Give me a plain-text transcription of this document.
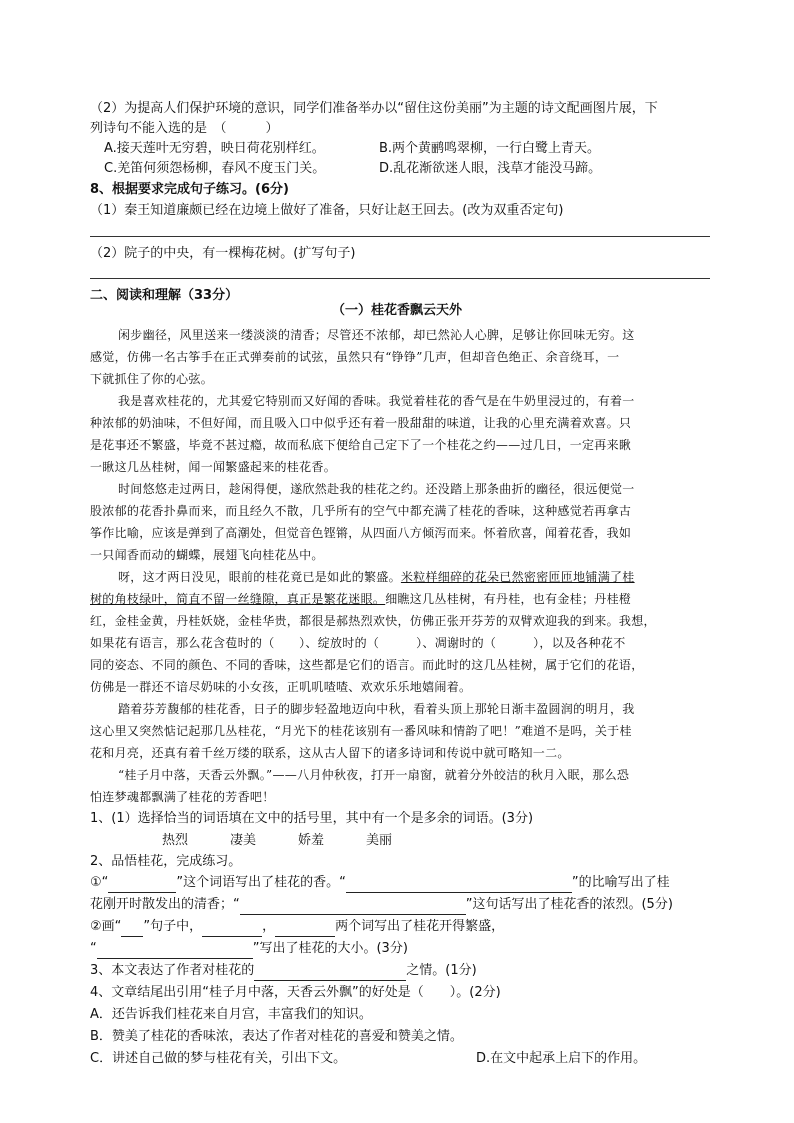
（2）为提高人们保护环境的意识，同学们准备举办以“留住这份美丽”为主题的诗文配画图片展，下
列诗句不能入选的是　（　　　）
A.接天莲叶无穷碧，映日荷花别样红。	B.两个黄鹂鸣翠柳，一行白鹭上青天。
C.羌笛何须怨杨柳，春风不度玉门关。	D.乱花渐欲迷人眼，浅草才能没马蹄。
8、根据要求完成句子练习。(6分)
（1）秦王知道廉颇已经在边境上做好了准备，只好让赵王回去。(改为双重否定句)
（2）院子的中央，有一棵梅花树。(扩写句子)
二、阅读和理解（33分）
（一）桂花香飘云天外
闲步幽径，风里送来一缕淡淡的清香；尽管还不浓郁，却已然沁人心脾，足够让你回味无穷。这
感觉，仿佛一名古筝手在正式弹奏前的试弦，虽然只有“铮铮”几声，但却音色绝正、余音绕耳，一
下就抓住了你的心弦。
我是喜欢桂花的，尤其爱它特别而又好闻的香味。我觉着桂花的香气是在牛奶里浸过的，有着一
种浓郁的奶油味，不但好闻，而且吸入口中似乎还有着一股甜甜的味道，让我的心里充满着欢喜。只
是花事还不繁盛，毕竟不甚过瘾，故而私底下便给自己定下了一个桂花之约——过几日，一定再来瞅
一瞅这几丛桂树，闻一闻繁盛起来的桂花香。
时间悠悠走过两日，趁闲得便，遂欣然赴我的桂花之约。还没踏上那条曲折的幽径，很远便觉一
股浓郁的花香扑鼻而来，而且经久不散，几乎所有的空气中都充满了桂花的香味，这种感觉若再拿古
筝作比喻，应该是弹到了高潮处，但觉音色铿锵，从四面八方倾泻而来。怀着欣喜，闻着花香，我如
一只闻香而动的蝴蝶，展翅飞向桂花丛中。
呀，这才两日没见，眼前的桂花竟已是如此的繁盛。米粒样细碎的花朵已然密密匝匝地铺满了桂
树的角枝绿叶，简直不留一丝缝隙，真正是繁花迷眼。细瞧这几丛桂树，有丹桂，也有金桂；丹桂橙
红，金桂金黄，丹桂妖娆，金桂华贵，都很是郝热烈欢快，仿佛正张开芬芳的双臂欢迎我的到来。我想，
如果花有语言，那么花含苞时的（　　）、绽放时的（　　　）、凋谢时的（　　　），以及各种花不
同的姿态、不同的颜色、不同的香味，这些都是它们的语言。而此时的这几丛桂树，属于它们的花语，
仿佛是一群还不谙尽奶味的小女孩，正叽叽喳喳、欢欢乐乐地嬉闹着。
踏着芬芳馥郁的桂花香，日子的脚步轻盈地迈向中秋，看着头顶上那轮日渐丰盈圆润的明月，我
这心里又突然惦记起那几丛桂花，“月光下的桂花该别有一番风味和情韵了吧！”难道不是吗，关于桂
花和月亮，还真有着千丝万缕的联系，这从古人留下的诸多诗词和传说中就可略知一二。
“桂子月中落，天香云外飘。”——八月仲秋夜，打开一扇窗，就着分外皎洁的秋月入眠，那么恐
怕连梦魂都飘满了桂花的芳香吧！
1、(1）选择恰当的词语填在文中的括号里，其中有一个是多余的词语。(3分)
热烈	凄美	娇羞	美丽
2、品悟桂花，完成练习。
①“	”这个词语写出了桂花的香。“	”的比喻写出了桂
花刚开时散发出的清香；“	”这句话写出了桂花香的浓烈。(5分)
②画“ ”句子中，	，	两个词写出了桂花开得繁盛，
“	”写出了桂花的大小。(3分)
3、本文表达了作者对桂花的	之情。(1分)
4、文章结尾出引用“桂子月中落，天香云外飘”的好处是（　　）。(2分)
A．还告诉我们桂花来自月宫，丰富我们的知识。
B．赞美了桂花的香味浓，表达了作者对桂花的喜爱和赞美之情。
C．讲述自己做的梦与桂花有关，引出下文。	D.在文中起承上启下的作用。
